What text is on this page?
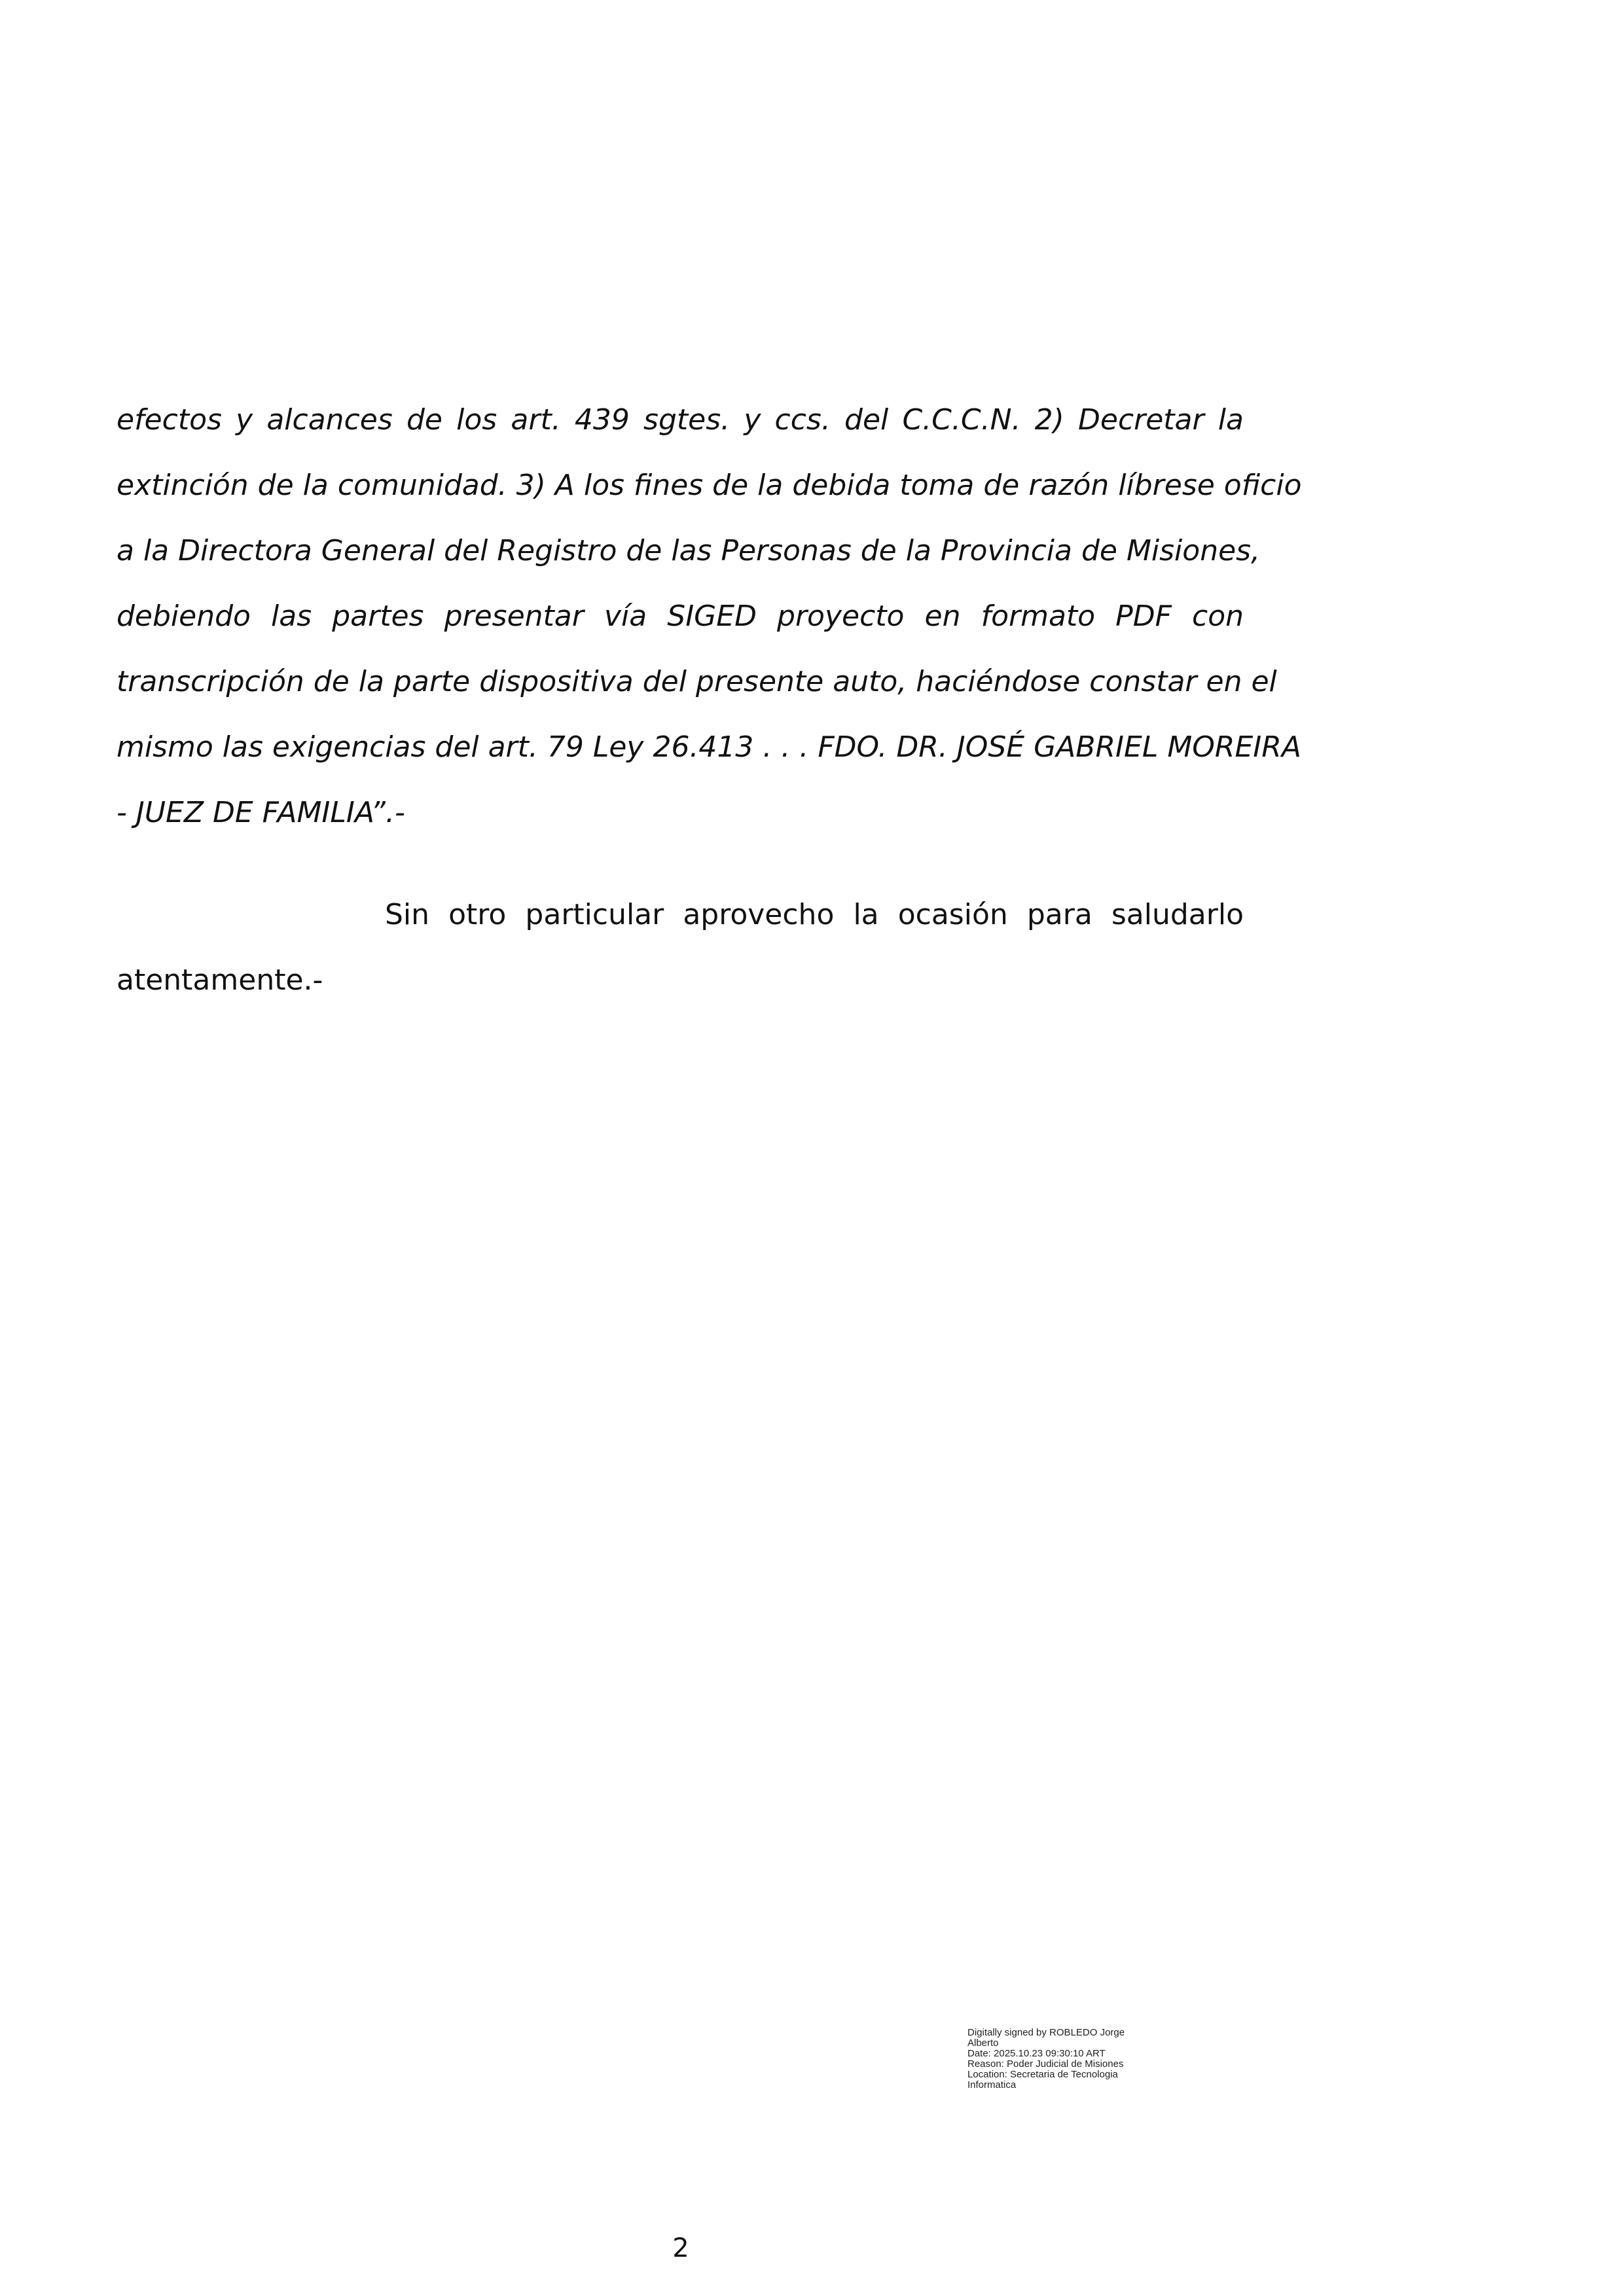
efectos y alcances de los art. 439 sgtes. y ccs. del C.C.C.N. 2) Decretar la
extinción de la comunidad. 3) A los fines de la debida toma de razón líbrese oficio
a la Directora General del Registro de las Personas de la Provincia de Misiones,
debiendo las partes presentar vía SIGED proyecto en formato PDF con
transcripción de la parte dispositiva del presente auto, haciéndose constar en el
mismo las exigencias del art. 79 Ley 26.413 . . . FDO. DR. JOSÉ GABRIEL MOREIRA
- JUEZ DE FAMILIA”.-
Sin otro particular aprovecho la ocasión para saludarlo
atentamente.-
Digitally signed by ROBLEDO Jorge
Alberto
Date: 2025.10.23 09:30:10 ART
Reason: Poder Judicial de Misiones
Location: Secretaria de Tecnologia
Informatica
2
